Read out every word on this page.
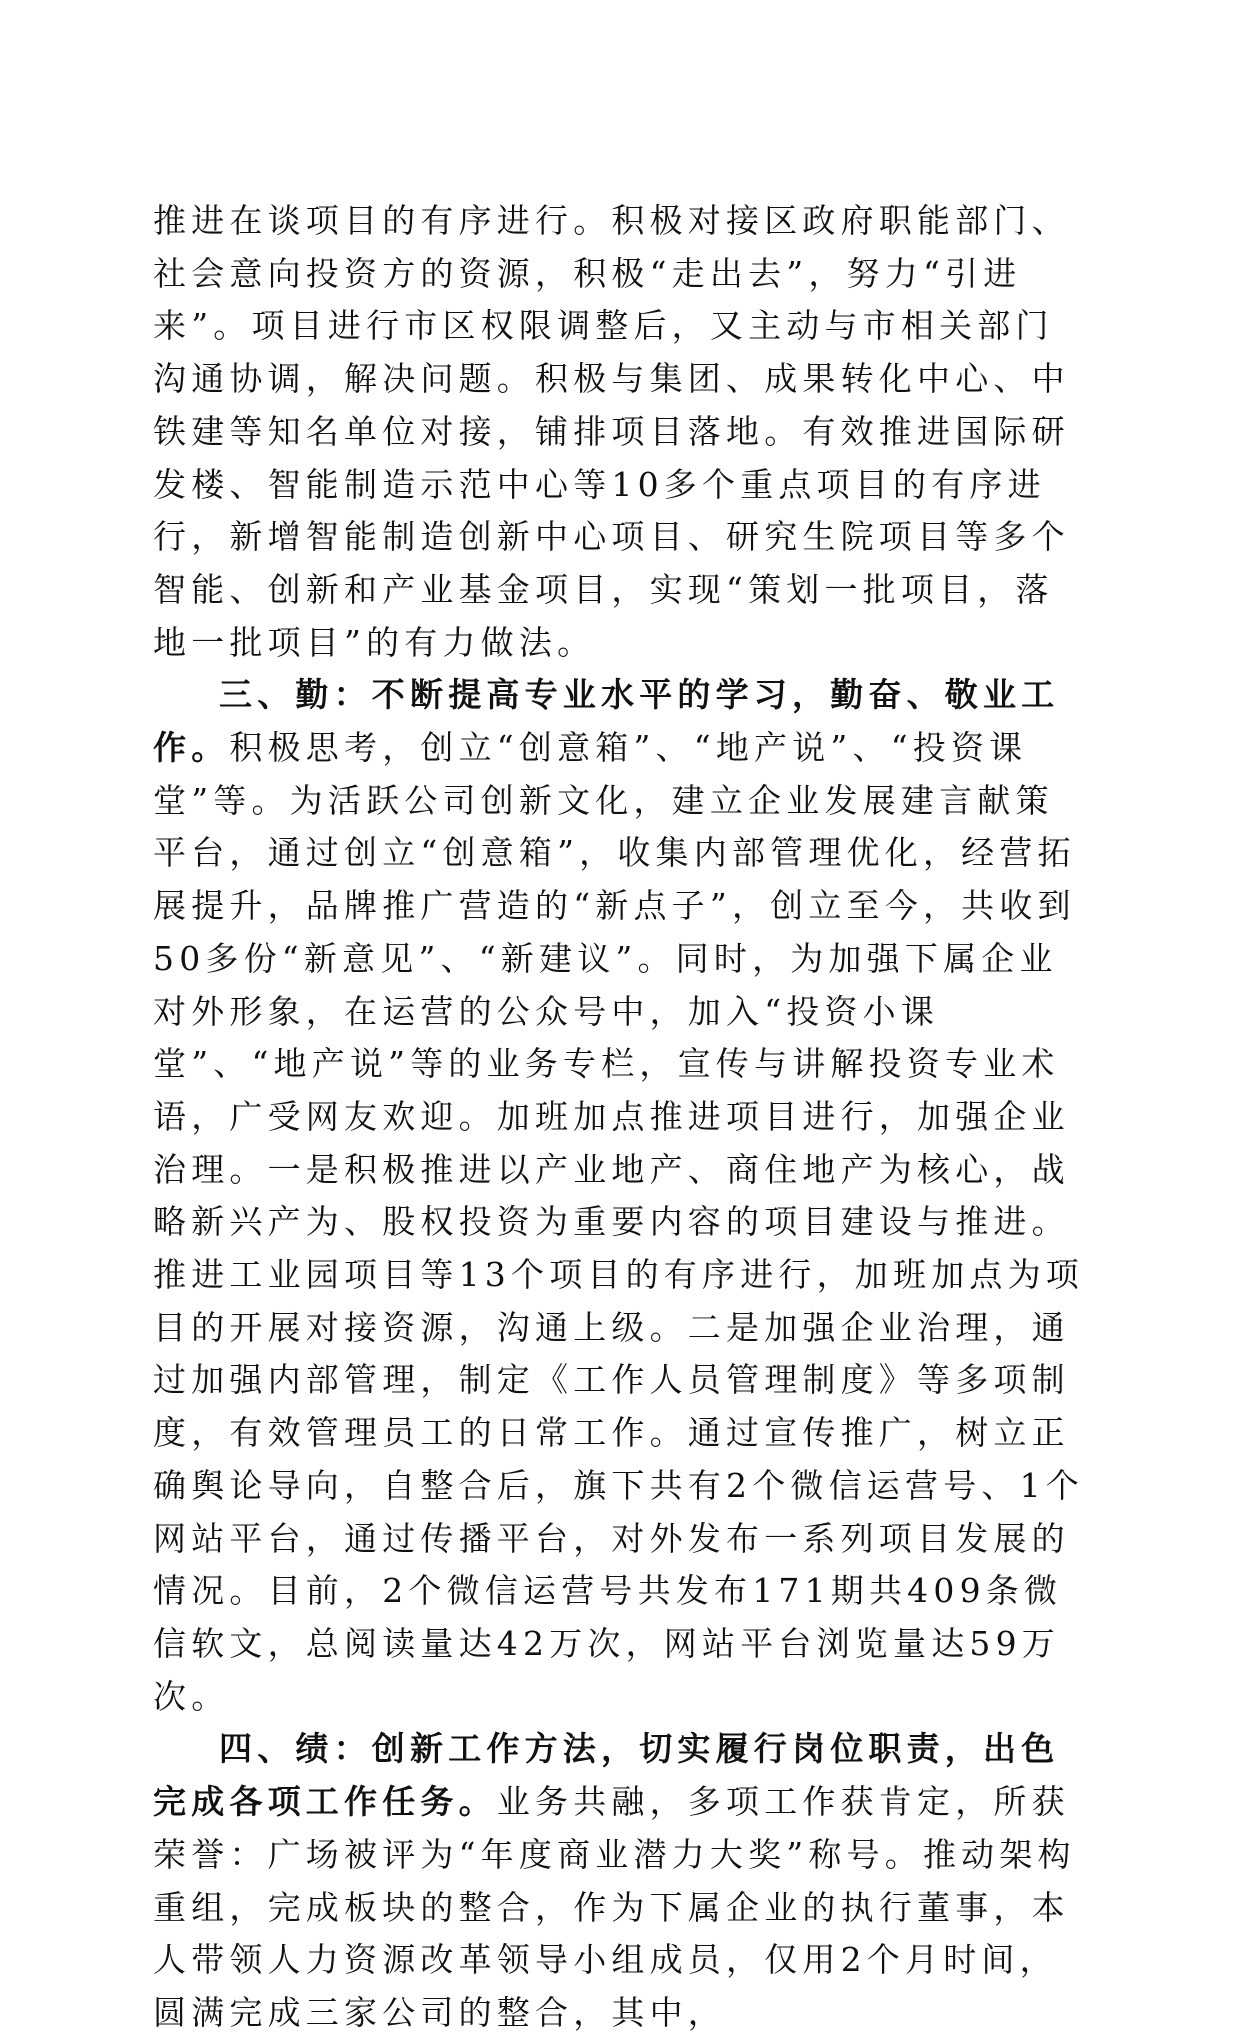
推进在谈项目的有序进行。积极对接区政府职能部门、社会意向投资方的资源，积极“走出去”，努力“引进来”。项目进行市区权限调整后，又主动与市相关部门沟通协调，解决问题。积极与集团、成果转化中心、中铁建等知名单位对接，铺排项目落地。有效推进国际研发楼、智能制造示范中心等10多个重点项目的有序进行，新增智能制造创新中心项目、研究生院项目等多个智能、创新和产业基金项目，实现“策划一批项目，落地一批项目”的有力做法。

三、勤：不断提高专业水平的学习，勤奋、敬业工作。积极思考，创立“创意箱”、“地产说”、“投资课堂”等。为活跃公司创新文化，建立企业发展建言献策平台，通过创立“创意箱”，收集内部管理优化，经营拓展提升，品牌推广营造的“新点子”，创立至今，共收到50多份“新意见”、“新建议”。同时，为加强下属企业对外形象，在运营的公众号中，加入“投资小课堂”、“地产说”等的业务专栏，宣传与讲解投资专业术语，广受网友欢迎。加班加点推进项目进行，加强企业治理。一是积极推进以产业地产、商住地产为核心，战略新兴产为、股权投资为重要内容的项目建设与推进。推进工业园项目等13个项目的有序进行，加班加点为项目的开展对接资源，沟通上级。二是加强企业治理，通过加强内部管理，制定《工作人员管理制度》等多项制度，有效管理员工的日常工作。通过宣传推广，树立正确舆论导向，自整合后，旗下共有2个微信运营号、1个网站平台，通过传播平台，对外发布一系列项目发展的情况。目前，2个微信运营号共发布171期共409条微信软文，总阅读量达42万次，网站平台浏览量达59万次。

四、绩：创新工作方法，切实履行岗位职责，出色完成各项工作任务。业务共融，多项工作获肯定，所获荣誉：广场被评为“年度商业潜力大奖”称号。推动架构重组，完成板块的整合，作为下属企业的执行董事，本人带领人力资源改革领导小组成员，仅用2个月时间，圆满完成三家公司的整合，其中，
